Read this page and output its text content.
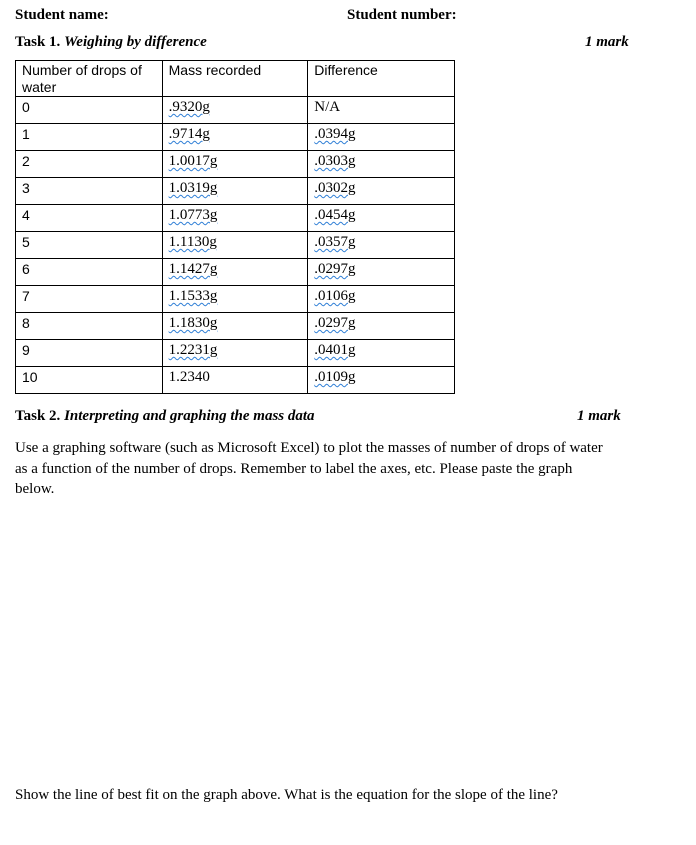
Student name:	Student number:
Task 1. Weighing by difference	1 mark
Number of drops of water	Mass recorded	Difference
0	.9320g	N/A
1	.9714g	.0394g
2	1.0017g	.0303g
3	1.0319g	.0302g
4	1.0773g	.0454g
5	1.1130g	.0357g
6	1.1427g	.0297g
7	1.1533g	.0106g
8	1.1830g	.0297g
9	1.2231g	.0401g
10	1.2340	.0109g
Task 2. Interpreting and graphing the mass data	1 mark
Use a graphing software (such as Microsoft Excel) to plot the masses of number of drops of water as a function of the number of drops. Remember to label the axes, etc. Please paste the graph below.
Show the line of best fit on the graph above. What is the equation for the slope of the line?
